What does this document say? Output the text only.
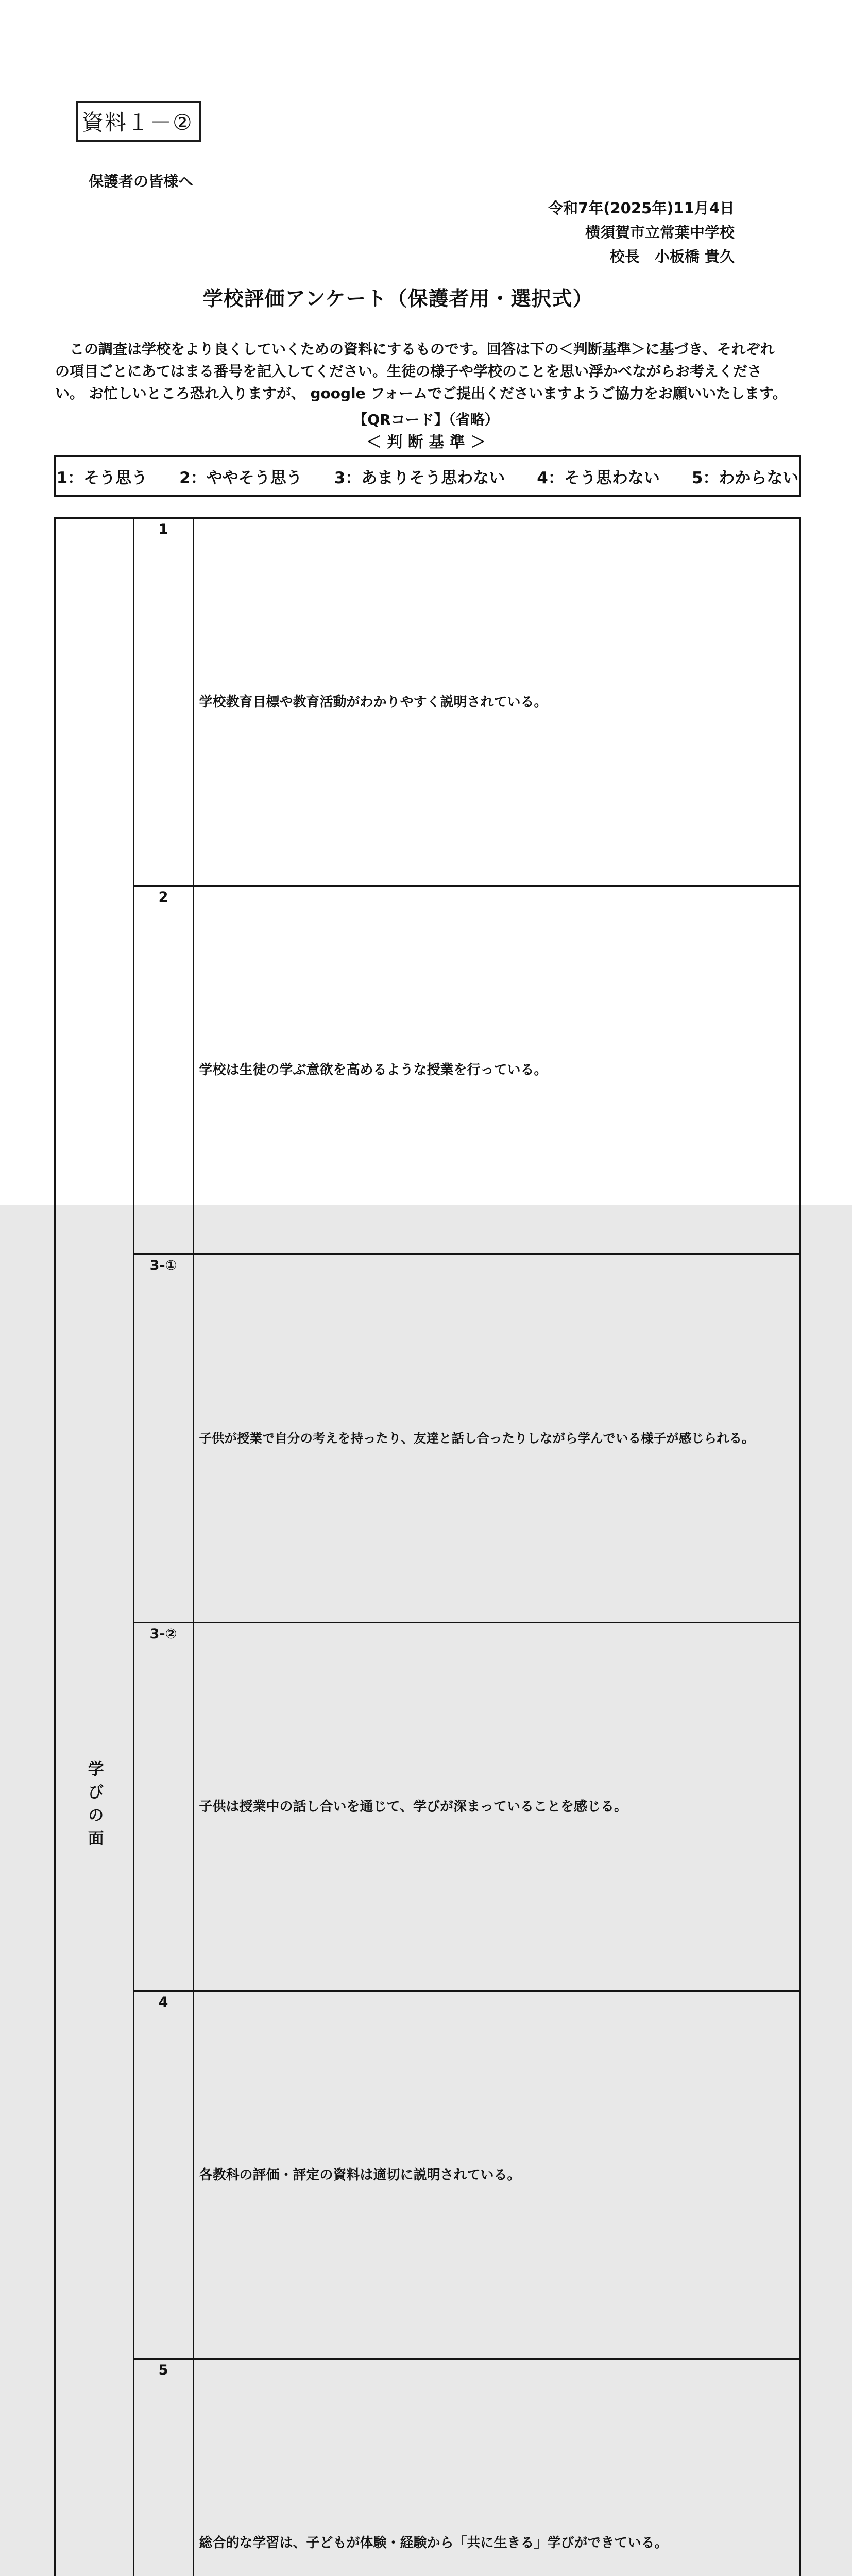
資料１－②
保護者の皆様へ
令和7年(2025年)11月4日
横須賀市立常葉中学校
校長　小板橋 貴久
学校評価アンケート（保護者用・選択式）
この調査は学校をより良くしていくための資料にするものです。回答は下の＜判断基準＞に基づき、それぞれ
の項目ごとにあてはまる番号を記入してください。生徒の様子や学校のことを思い浮かべながらお考えくださ
い。 お忙しいところ恐れ入りますが、 google フォームでご提出くださいますようご協力をお願いいたします。
【QRコード】（省略）
＜ 判 断 基 準 ＞
1：そう思う　　2：ややそう思う　　3：あまりそう思わない　　4：そう思わない　　5：わからない
学びの面	1	学校教育目標や教育活動がわかりやすく説明されている。

	2	学校は生徒の学ぶ意欲を高めるような授業を行っている。

	3-①	子供が授業で自分の考えを持ったり、友達と話し合ったりしながら学んでいる様子が感じられる。

	3-②	子供は授業中の話し合いを通じて、学びが深まっていることを感じる。

	4	各教科の評価・評定の資料は適切に説明されている。

	5	総合的な学習は、子どもが体験・経験から「共に生きる」学びができている。
